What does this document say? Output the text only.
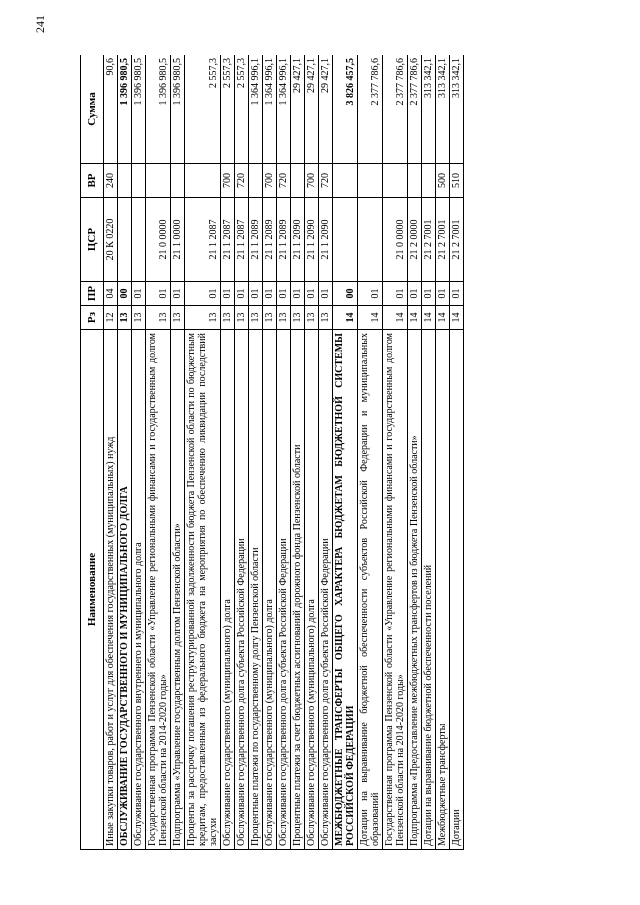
241
Наименование	Рз	ПР	ЦСР	ВР	Сумма
Иные закупки товаров, работ и услуг для обеспечения государственных (муниципальных) нужд	12	04	20 К 0220	240	90,6
ОБСЛУЖИВАНИЕ ГОСУДАРСТВЕННОГО И МУНИЦИПАЛЬНОГО ДОЛГА	13	00			1 396 980,5
Обслуживание государственного внутреннего и муниципального долга	13	01			1 396 980,5
Государственная программа Пензенской области «Управление региональными финансами и государственным долгом Пензенской области на 2014-2020 годы»	13	01	21 0 0000		1 396 980,5
Подпрограмма «Управление государственным долгом Пензенской области»	13	01	21 1 0000		1 396 980,5
Проценты за рассрочку погашения реструктурированной задолженности бюджета Пензенской области по бюджетным кредитам, предоставленным из федерального бюджета на мероприятия по обеспечению ликвидации последствий засухи	13	01	21 1 2087		2 557,3
Обслуживание государственного (муниципального) долга	13	01	21 1 2087	700	2 557,3
Обслуживание государственного долга субъекта Российской Федерации	13	01	21 1 2087	720	2 557,3
Процентные платежи по государственному долгу Пензенской области	13	01	21 1 2089		1 364 996,1
Обслуживание государственного (муниципального) долга	13	01	21 1 2089	700	1 364 996,1
Обслуживание государственного долга субъекта Российской Федерации	13	01	21 1 2089	720	1 364 996,1
Процентные платежи за счет бюджетных ассигнований дорожного фонда Пензенской области	13	01	21 1 2090		29 427,1
Обслуживание государственного (муниципального) долга	13	01	21 1 2090	700	29 427,1
Обслуживание государственного долга субъекта Российской Федерации	13	01	21 1 2090	720	29 427,1
МЕЖБЮДЖЕТНЫЕ ТРАНСФЕРТЫ ОБЩЕГО ХАРАКТЕРА БЮДЖЕТАМ БЮДЖЕТНОЙ СИСТЕМЫ РОССИЙСКОЙ ФЕДЕРАЦИИ	14	00			3 826 457,5
Дотации на выравнивание бюджетной обеспеченности субъектов Российской Федерации и муниципальных образований	14	01			2 377 786,6
Государственная программа Пензенской области «Управление региональными финансами и государственным долгом Пензенской области на 2014-2020 годы»	14	01	21 0 0000		2 377 786,6
Подпрограмма «Предоставление межбюджетных трансфертов из бюджета Пензенской области»	14	01	21 2 0000		2 377 786,6
Дотации на выравнивание бюджетной обеспеченности поселений	14	01	21 2 7001		313 342,1
Межбюджетные трансферты	14	01	21 2 7001	500	313 342,1
Дотации	14	01	21 2 7001	510	313 342,1
